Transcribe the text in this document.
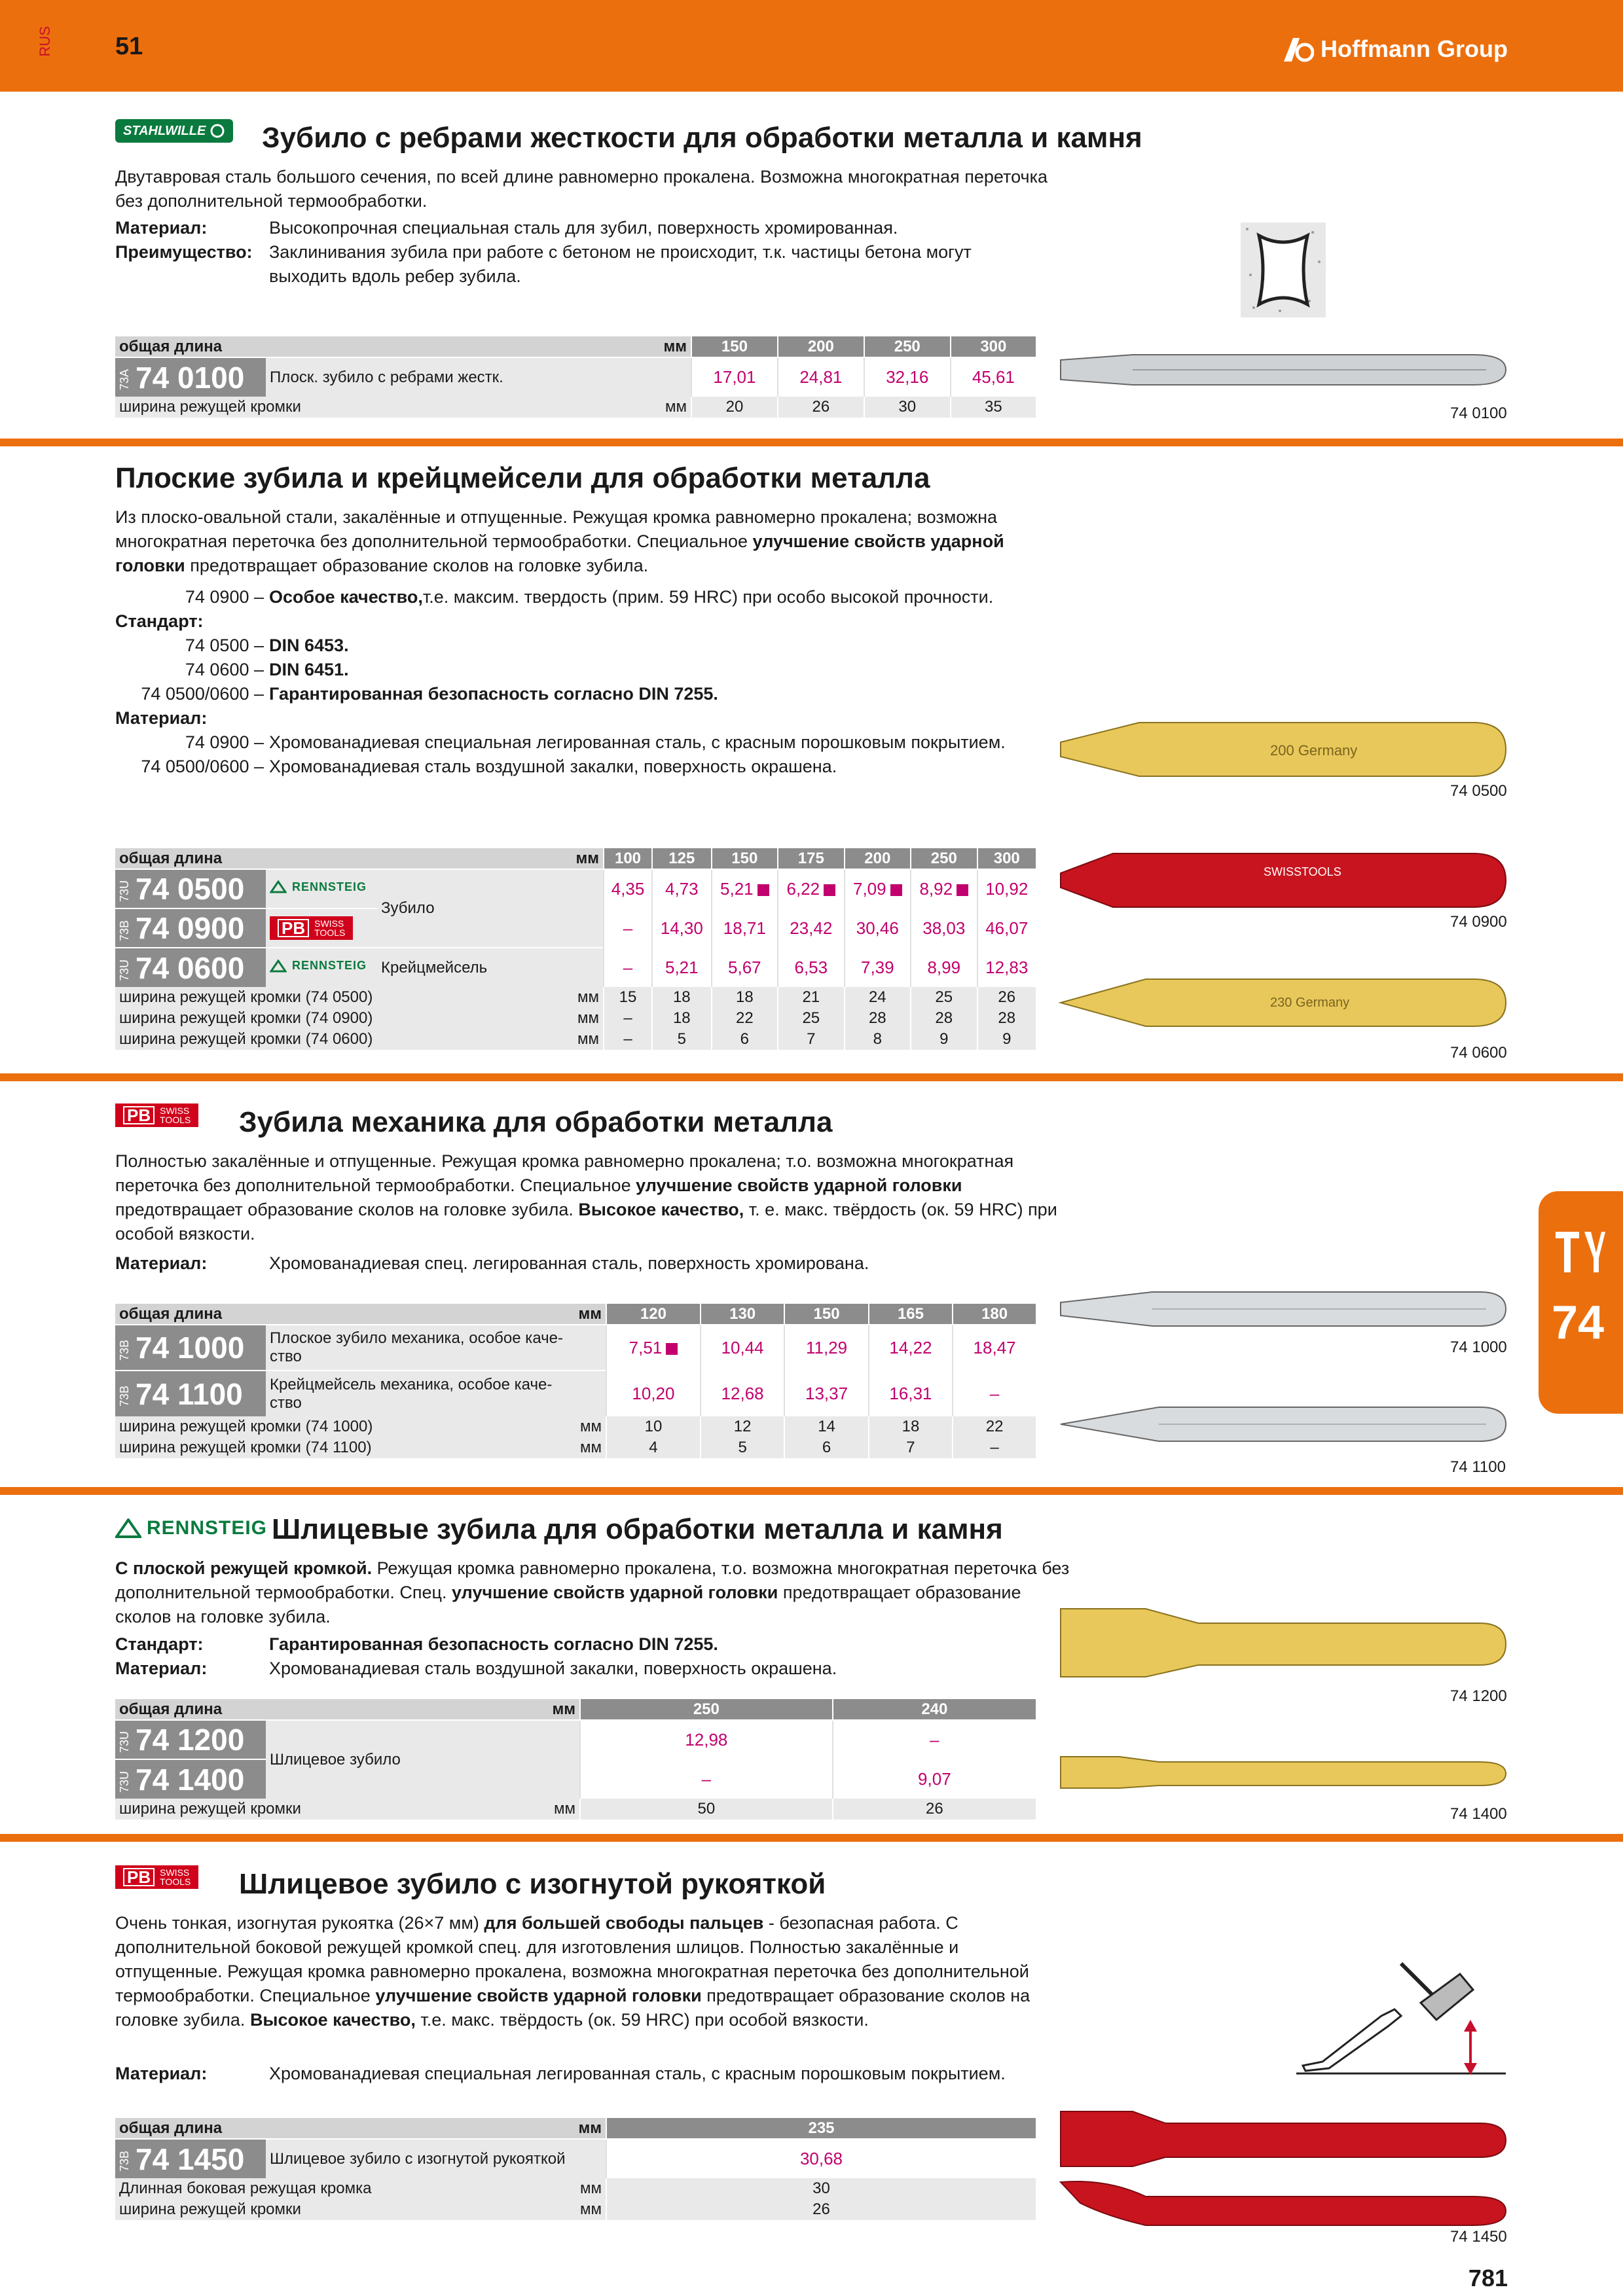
RUS	51	Hoffmann Group
STAHLWILLE Зубило с ребрами жесткости для обработки металла и камня
Двутавровая сталь большого сечения, по всей длине равномерно прокалена. Возможна многократная переточка без дополнительной термообработки.
Материал:	Высокопрочная специальная сталь для зубил, поверхность хромированная.
Преимущество: Заклинивания зубила при работе с бетоном не происходит, т.к. частицы бетона могут выходить вдоль ребер зубила.
общая длина		мм	150	200	250	300
73A 74 0100	Плоск. зубило с ребрами жестк.		17,01	24,81	32,16	45,61
ширина режущей кромки		мм	20	26	30	35	74 0100
Плоские зубила и крейцмейсели для обработки металла
Из плоско-овальной стали, закалённые и отпущенные. Режущая кромка равномерно прокалена; возможна многократная переточка без дополнительной термообработки. Специальное улучшение свойств ударной головки предотвращает образование сколов на головке зубила.
74 0900 – Особое качество, т.е. максим. твердость (прим. 59 HRC) при особо высокой прочности.
Стандарт:
74 0500 – DIN 6453.
74 0600 – DIN 6451.
74 0500/0600 – Гарантированная безопасность согласно DIN 7255.
Материал:
74 0900 – Хромованадиевая специальная легированная сталь, с красным порошковым покрытием.
74 0500/0600 – Хромованадиевая сталь воздушной закалки, поверхность окрашена.
200 Germany
74 0500
общая длина			мм	100	125	150	175	200	250	300
73U 74 0500	RENNSTEIG	Зубило		4,35	4,73	5,21	6,22	7,09	8,92	10,92
73B 74 0900	PB SWISS
TOOLS			–	14,30	18,71	23,42	30,46	38,03	46,07
73U 74 0600	RENNSTEIG	Крейцмейсель		–	5,21	5,67	6,53	7,39	8,99	12,83
ширина режущей кромки (74 0500)			мм	15	18	18	21	24	25	26
ширина режущей кромки (74 0900)			мм	–	18	22	25	28	28	28
ширина режущей кромки (74 0600)			мм	–	5	6	7	8	9	9
SWISSTOOLS
74 0900
230 Germany
74 0600
PB	SWISS
TOOLS Зубила механика для обработки металла
Полностью закалённые и отпущенные. Режущая кромка равномерно прокалена; т.о. возможна многократная переточка без дополнительной термообработки. Специальное улучшение свойств ударной головки предотвращает образование сколов на головке зубила. Высокое качество, т. е. макс. твёрдость (ок. 59 HRC) при особой вязкости.
Материал:	Хромованадиевая спец. легированная сталь, поверхность хромирована.
общая длина		мм	120	130	150	165	180
73B 74 1000	Плоское зубило механика, особое каче-
ство		7,51	10,44	11,29	14,22	18,47
73B 74 1100	Крейцмейсель механика, особое каче-
ство		10,20	12,68	13,37	16,31	–
ширина режущей кромки (74 1000)		мм	10	12	14	18	22
ширина режущей кромки (74 1100)		мм	4	5	6	7	–
74 1000
74 1100
RENNSTEIG Шлицевые зубила для обработки металла и камня
С плоской режущей кромкой. Режущая кромка равномерно прокалена, т.о. возможна многократная переточка без дополнительной термообработки. Спец. улучшение свойств ударной головки предотвращает образование сколов на головке зубила.
Стандарт:	Гарантированная безопасность согласно DIN 7255.
Материал:	Хромованадиевая сталь воздушной закалки, поверхность окрашена.
общая длина		мм	250	240
73U 74 1200	Шлицевое зубило		12,98	–
73U 74 1400			–	9,07
ширина режущей кромки		мм	50	26
74 1200
74 1400
PB	SWISS
TOOLS Шлицевое зубило с изогнутой рукояткой
Очень тонкая, изогнутая рукоятка (26×7 мм) для большей свободы пальцев - безопасная работа. С дополнительной боковой режущей кромкой спец. для изготовления шлицов. Полностью закалённые и отпущенные. Режущая кромка равномерно прокалена, возможна многократная переточка без дополнительной термообработки. Специальное улучшение свойств ударной головки предотвращает образование сколов на головке зубила. Высокое качество, т.е. макс. твёрдость (ок. 59 HRC) при особой вязкости.
Материал:	Хромованадиевая специальная легированная сталь, с красным порошковым покрытием.
общая длина		мм	235
73B 74 1450	Шлицевое зубило с изогнутой рукояткой		30,68
Длинная боковая режущая кромка		мм	30
ширина режущей кромки		мм	26
74 1450
74
781
